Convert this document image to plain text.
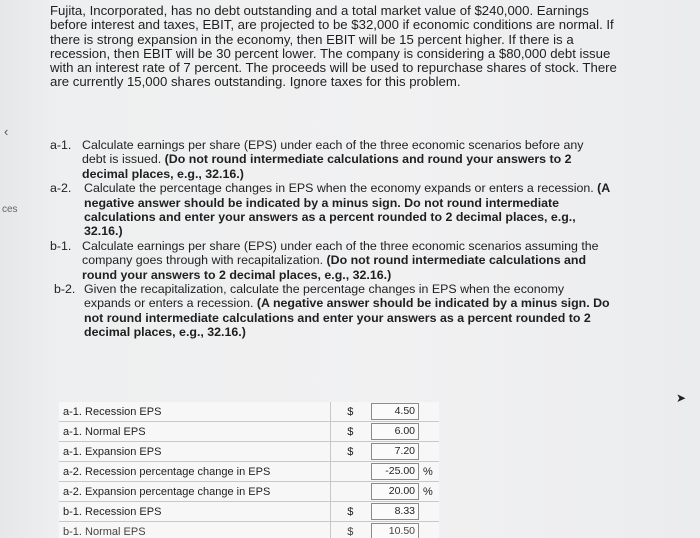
‹
ces

Fujita, Incorporated, has no debt outstanding and a total market value of $240,000. Earnings before interest and taxes, EBIT, are projected to be $32,000 if economic conditions are normal. If there is strong expansion in the economy, then EBIT will be 15 percent higher. If there is a recession, then EBIT will be 30 percent lower. The company is considering a $80,000 debt issue with an interest rate of 7 percent. The proceeds will be used to repurchase shares of stock. There are currently 15,000 shares outstanding. Ignore taxes for this problem.

a-1. Calculate earnings per share (EPS) under each of the three economic scenarios before any debt is issued. (Do not round intermediate calculations and round your answers to 2 decimal places, e.g., 32.16.)
a-2.	Calculate the percentage changes in EPS when the economy expands or enters a recession. (A negative answer should be indicated by a minus sign. Do not round intermediate calculations and enter your answers as a percent rounded to 2 decimal places, e.g., 32.16.)
b-1. Calculate earnings per share (EPS) under each of the three economic scenarios assuming the company goes through with recapitalization. (Do not round intermediate calculations and round your answers to 2 decimal places, e.g., 32.16.)
b-2. Given the recapitalization, calculate the percentage changes in EPS when the economy expands or enters a recession. (A negative answer should be indicated by a minus sign. Do not round intermediate calculations and enter your answers as a percent rounded to 2 decimal places, e.g., 32.16.)
a-1. Recession EPS	$	4.50	

a-1. Normal EPS	$	6.00	

a-1. Expansion EPS	$	7.20	

a-2. Recession percentage change in EPS		-25.00	%
a-2. Expansion percentage change in EPS		20.00	%
b-1. Recession EPS	$	8.33	

b-1. Normal EPS	$	10.50	

➤
